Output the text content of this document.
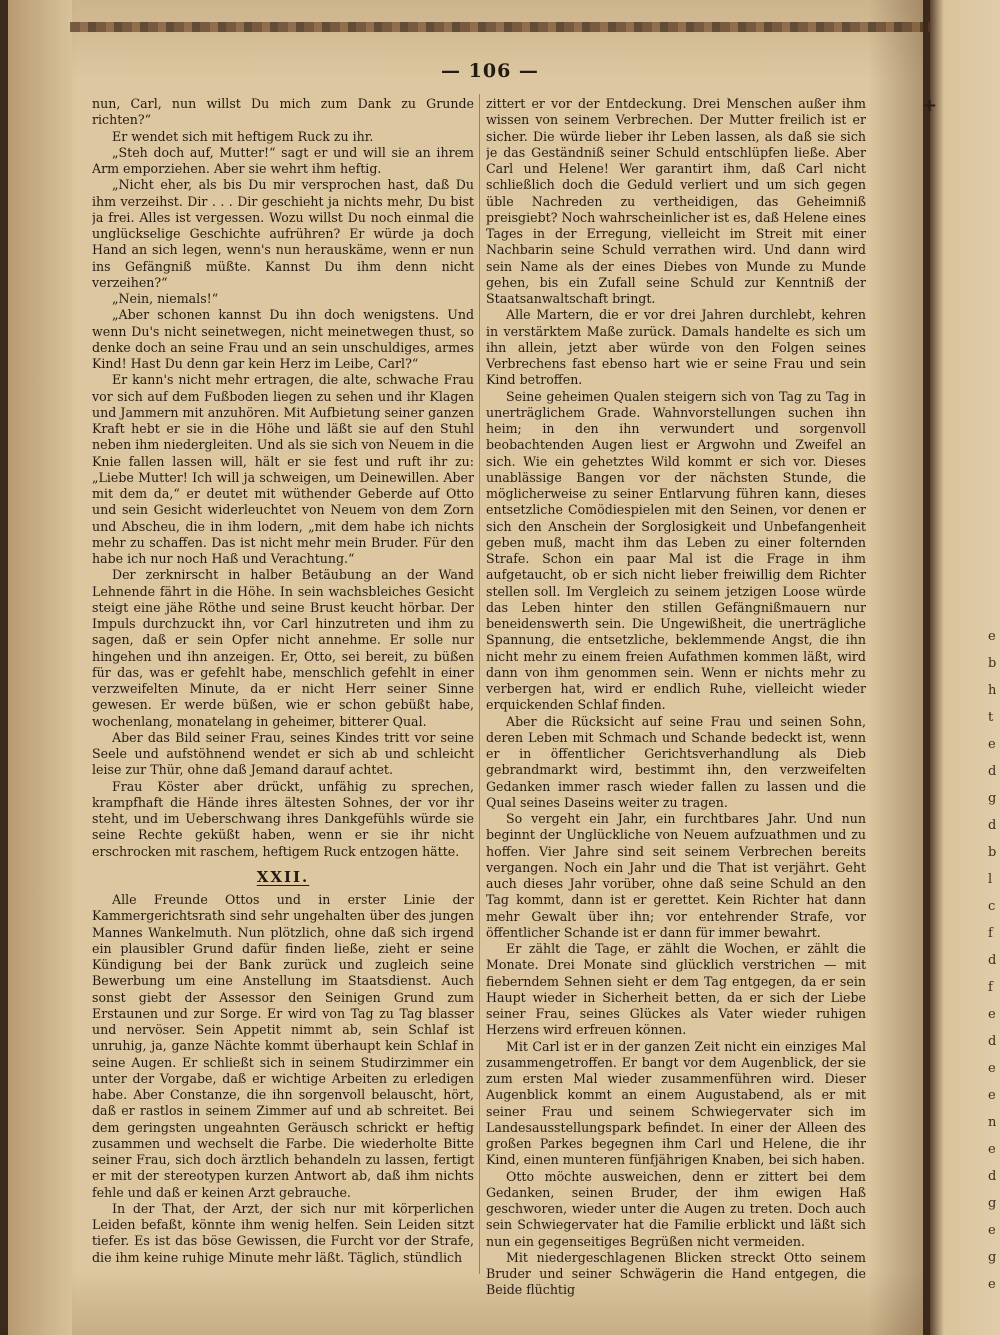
e
b
h
t
e
d
g
d
b
l
c
f
d
f
e
d
e
e
n
e
d
g
e
g
e
+
— 106 —

nun, Carl, nun willst Du mich zum Dank zu Grunde richten?“

Er wendet sich mit heftigem Ruck zu ihr.

„Steh doch auf, Mutter!“ sagt er und will sie an ihrem Arm emporziehen. Aber sie wehrt ihm heftig.

„Nicht eher, als bis Du mir versprochen hast, daß Du ihm verzeihst. Dir . . . Dir geschieht ja nichts mehr, Du bist ja frei. Alles ist vergessen. Wozu willst Du noch einmal die unglückselige Geschichte aufrühren? Er würde ja doch Hand an sich legen, wenn's nun herauskäme, wenn er nun ins Gefängniß müßte. Kannst Du ihm denn nicht verzeihen?“

„Nein, niemals!“

„Aber schonen kannst Du ihn doch wenigstens. Und wenn Du's nicht seinetwegen, nicht meinetwegen thust, so denke doch an seine Frau und an sein unschuldiges, armes Kind! Hast Du denn gar kein Herz im Leibe, Carl?“

Er kann's nicht mehr ertragen, die alte, schwache Frau vor sich auf dem Fußboden liegen zu sehen und ihr Klagen und Jammern mit anzuhören. Mit Aufbietung seiner ganzen Kraft hebt er sie in die Höhe und läßt sie auf den Stuhl neben ihm niedergleiten. Und als sie sich von Neuem in die Knie fallen lassen will, hält er sie fest und ruft ihr zu: „Liebe Mutter! Ich will ja schweigen, um Deinewillen. Aber mit dem da,“ er deutet mit wüthender Geberde auf Otto und sein Gesicht widerleuchtet von Neuem von dem Zorn und Abscheu, die in ihm lodern, „mit dem habe ich nichts mehr zu schaffen. Das ist nicht mehr mein Bruder. Für den habe ich nur noch Haß und Verachtung.“

Der zerknirscht in halber Betäubung an der Wand Lehnende fährt in die Höhe. In sein wachsbleiches Gesicht steigt eine jähe Röthe und seine Brust keucht hörbar. Der Impuls durchzuckt ihn, vor Carl hinzutreten und ihm zu sagen, daß er sein Opfer nicht annehme. Er solle nur hingehen und ihn anzeigen. Er, Otto, sei bereit, zu büßen für das, was er gefehlt habe, menschlich gefehlt in einer verzweifelten Minute, da er nicht Herr seiner Sinne gewesen. Er werde büßen, wie er schon gebüßt habe, wochenlang, monatelang in geheimer, bitterer Qual.

Aber das Bild seiner Frau, seines Kindes tritt vor seine Seele und aufstöhnend wendet er sich ab und schleicht leise zur Thür, ohne daß Jemand darauf achtet.

Frau Köster aber drückt, unfähig zu sprechen, krampfhaft die Hände ihres ältesten Sohnes, der vor ihr steht, und im Ueberschwang ihres Dankgefühls würde sie seine Rechte geküßt haben, wenn er sie ihr nicht erschrocken mit raschem, heftigem Ruck entzogen hätte.

XXII.

Alle Freunde Ottos und in erster Linie der Kammergerichtsrath sind sehr ungehalten über des jungen Mannes Wankelmuth. Nun plötzlich, ohne daß sich irgend ein plausibler Grund dafür finden ließe, zieht er seine Kündigung bei der Bank zurück und zugleich seine Bewerbung um eine Anstellung im Staatsdienst. Auch sonst giebt der Assessor den Seinigen Grund zum Erstaunen und zur Sorge. Er wird von Tag zu Tag blasser und nervöser. Sein Appetit nimmt ab, sein Schlaf ist unruhig, ja, ganze Nächte kommt überhaupt kein Schlaf in seine Augen. Er schließt sich in seinem Studirzimmer ein unter der Vorgabe, daß er wichtige Arbeiten zu erledigen habe. Aber Constanze, die ihn sorgenvoll belauscht, hört, daß er rastlos in seinem Zimmer auf und ab schreitet. Bei dem geringsten ungeahnten Geräusch schrickt er heftig zusammen und wechselt die Farbe. Die wiederholte Bitte seiner Frau, sich doch ärztlich behandeln zu lassen, fertigt er mit der stereotypen kurzen Antwort ab, daß ihm nichts fehle und daß er keinen Arzt gebrauche.

In der That, der Arzt, der sich nur mit körperlichen Leiden befaßt, könnte ihm wenig helfen. Sein Leiden sitzt tiefer. Es ist das böse Gewissen, die Furcht vor der Strafe, die ihm keine ruhige Minute mehr läßt. Täglich, stündlich

zittert er vor der Entdeckung. Drei Menschen außer ihm wissen von seinem Verbrechen. Der Mutter freilich ist er sicher. Die würde lieber ihr Leben lassen, als daß sie sich je das Geständniß seiner Schuld entschlüpfen ließe. Aber Carl und Helene! Wer garantirt ihm, daß Carl nicht schließlich doch die Geduld verliert und um sich gegen üble Nachreden zu vertheidigen, das Geheimniß preisgiebt? Noch wahrscheinlicher ist es, daß Helene eines Tages in der Erregung, vielleicht im Streit mit einer Nachbarin seine Schuld verrathen wird. Und dann wird sein Name als der eines Diebes von Munde zu Munde gehen, bis ein Zufall seine Schuld zur Kenntniß der Staatsanwaltschaft bringt.

Alle Martern, die er vor drei Jahren durchlebt, kehren in verstärktem Maße zurück. Damals handelte es sich um ihn allein, jetzt aber würde von den Folgen seines Verbrechens fast ebenso hart wie er seine Frau und sein Kind betroffen.

Seine geheimen Qualen steigern sich von Tag zu Tag in unerträglichem Grade. Wahnvorstellungen suchen ihn heim; in den ihn verwundert und sorgenvoll beobachtenden Augen liest er Argwohn und Zweifel an sich. Wie ein gehetztes Wild kommt er sich vor. Dieses unablässige Bangen vor der nächsten Stunde, die möglicherweise zu seiner Entlarvung führen kann, dieses entsetzliche Comödiespielen mit den Seinen, vor denen er sich den Anschein der Sorglosigkeit und Unbefangenheit geben muß, macht ihm das Leben zu einer folternden Strafe. Schon ein paar Mal ist die Frage in ihm aufgetaucht, ob er sich nicht lieber freiwillig dem Richter stellen soll. Im Vergleich zu seinem jetzigen Loose würde das Leben hinter den stillen Gefängnißmauern nur beneidenswerth sein. Die Ungewißheit, die unerträgliche Spannung, die entsetzliche, beklemmende Angst, die ihn nicht mehr zu einem freien Aufathmen kommen läßt, wird dann von ihm genommen sein. Wenn er nichts mehr zu verbergen hat, wird er endlich Ruhe, vielleicht wieder erquickenden Schlaf finden.

Aber die Rücksicht auf seine Frau und seinen Sohn, deren Leben mit Schmach und Schande bedeckt ist, wenn er in öffentlicher Gerichtsverhandlung als Dieb gebrandmarkt wird, bestimmt ihn, den verzweifelten Gedanken immer rasch wieder fallen zu lassen und die Qual seines Daseins weiter zu tragen.

So vergeht ein Jahr, ein furchtbares Jahr. Und nun beginnt der Unglückliche von Neuem aufzuathmen und zu hoffen. Vier Jahre sind seit seinem Verbrechen bereits vergangen. Noch ein Jahr und die That ist verjährt. Geht auch dieses Jahr vorüber, ohne daß seine Schuld an den Tag kommt, dann ist er gerettet. Kein Richter hat dann mehr Gewalt über ihn; vor entehrender Strafe, vor öffentlicher Schande ist er dann für immer bewahrt.

Er zählt die Tage, er zählt die Wochen, er zählt die Monate. Drei Monate sind glücklich verstrichen — mit fieberndem Sehnen sieht er dem Tag entgegen, da er sein Haupt wieder in Sicherheit betten, da er sich der Liebe seiner Frau, seines Glückes als Vater wieder ruhigen Herzens wird erfreuen können.

Mit Carl ist er in der ganzen Zeit nicht ein einziges Mal zusammengetroffen. Er bangt vor dem Augenblick, der sie zum ersten Mal wieder zusammenführen wird. Dieser Augenblick kommt an einem Augustabend, als er mit seiner Frau und seinem Schwiegervater sich im Landesausstellungspark befindet. In einer der Alleen des großen Parkes begegnen ihm Carl und Helene, die ihr Kind, einen munteren fünfjährigen Knaben, bei sich haben.

Otto möchte ausweichen, denn er zittert bei dem Gedanken, seinen Bruder, der ihm ewigen Haß geschworen, wieder unter die Augen zu treten. Doch auch sein Schwiegervater hat die Familie erblickt und läßt sich nun ein gegenseitiges Begrüßen nicht vermeiden.

Mit niedergeschlagenen Blicken streckt Otto seinem Bruder und seiner Schwägerin die Hand entgegen, die Beide flüchtig
